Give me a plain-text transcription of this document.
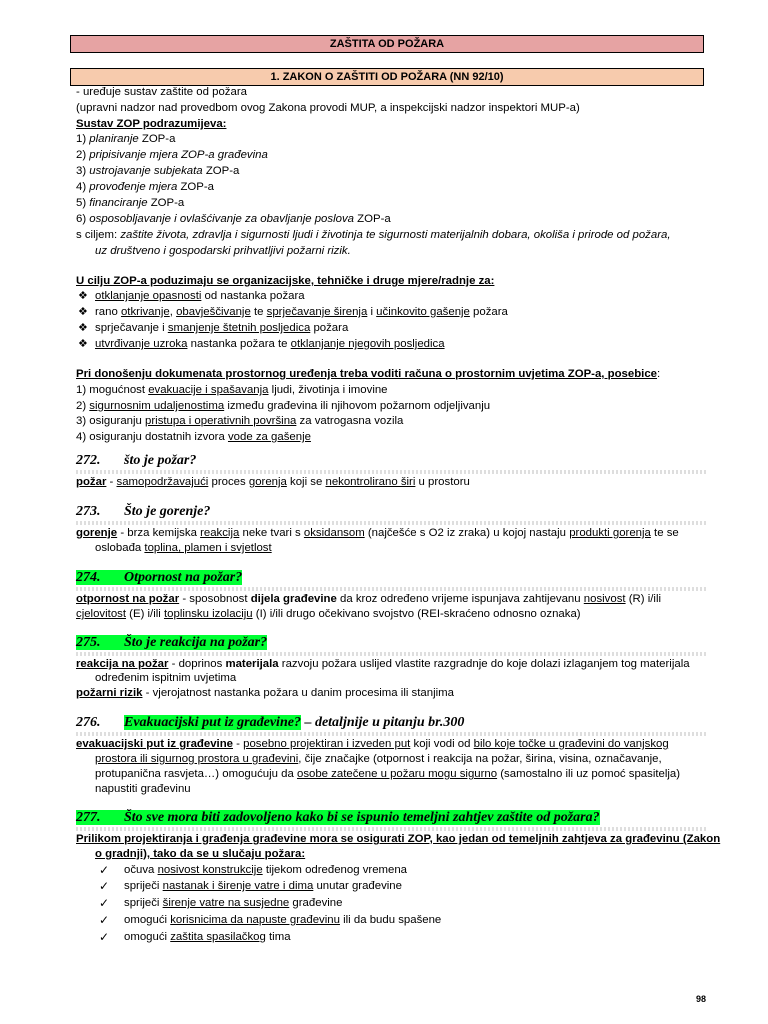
ZAŠTITA OD POŽARA
1. ZAKON O ZAŠTITI OD POŽARA (NN 92/10)
- uređuje sustav zaštite od požara
(upravni nadzor nad provedbom ovog Zakona provodi MUP, a inspekcijski nadzor inspektori MUP-a)
Sustav ZOP podrazumijeva:
1) planiranje ZOP-a
2) pripisivanje mjera ZOP-a građevina
3) ustrojavanje subjekata ZOP-a
4) provođenje mjera ZOP-a
5) financiranje ZOP-a
6) osposobljavanje i ovlašćivanje za obavljanje poslova ZOP-a
s ciljem: zaštite života, zdravlja i sigurnosti ljudi i životinja te sigurnosti materijalnih dobara, okoliša i prirode od požara,
uz društveno i gospodarski prihvatljivi požarni rizik.
U cilju ZOP-a poduzimaju se organizacijske, tehničke i druge mjere/radnje za:
❖ otklanjanje opasnosti od nastanka požara
❖ rano otkrivanje, obavješčivanje te sprječavanje širenja i učinkovito gašenje požara
❖ sprječavanje i smanjenje štetnih posljedica požara
❖ utvrđivanje uzroka nastanka požara te otklanjanje njegovih posljedica
Pri donošenju dokumenata prostornog uređenja treba voditi računa o prostornim uvjetima ZOP-a, posebice:
1) mogućnost evakuacije i spašavanja ljudi, životinja i imovine
2) sigurnosnim udaljenostima između građevina ili njihovom požarnom odjeljivanju
3) osiguranju pristupa i operativnih površina za vatrogasna vozila
4) osiguranju dostatnih izvora vode za gašenje
272. što je požar?
požar - samopodržavajući proces gorenja koji se nekontrolirano širi u prostoru
273. Što je gorenje?
gorenje - brza kemijska reakcija neke tvari s oksidansom (najčešće s O2 iz zraka) u kojoj nastaju produkti gorenja te se
oslobađa toplina, plamen i svjetlost
274. Otpornost na požar?
otpornost na požar - sposobnost dijela građevine da kroz određeno vrijeme ispunjava zahtijevanu nosivost (R) i/ili
cjelovitost (E) i/ili toplinsku izolaciju (I) i/ili drugo očekivano svojstvo (REI-skraćeno odnosno oznaka)
275. Što je reakcija na požar?
reakcija na požar - doprinos materijala razvoju požara uslijed vlastite razgradnje do koje dolazi izlaganjem tog materijala
određenim ispitnim uvjetima
požarni rizik - vjerojatnost nastanka požara u danim procesima ili stanjima
276. Evakuacijski put iz građevine? – detaljnije u pitanju br.300
evakuacijski put iz građevine - posebno projektiran i izveden put koji vodi od bilo koje točke u građevini do vanjskog
prostora ili sigurnog prostora u građevini, čije značajke (otpornost i reakcija na požar, širina, visina, označavanje,
protupanična rasvjeta…) omogućuju da osobe zatečene u požaru mogu sigurno (samostalno ili uz pomoć spasitelja)
napustiti građevinu
277. Što sve mora biti zadovoljeno kako bi se ispunio temeljni zahtjev zaštite od požara?
Prilikom projektiranja i građenja građevine mora se osigurati ZOP, kao jedan od temeljnih zahtjeva za građevinu (Zakon
o gradnji), tako da se u slučaju požara:
✓ očuva nosivost konstrukcije tijekom određenog vremena
✓ spriječi nastanak i širenje vatre i dima unutar građevine
✓ spriječi širenje vatre na susjedne građevine
✓ omogući korisnicima da napuste građevinu ili da budu spašene
✓ omogući zaštita spasilačkog tima
98
